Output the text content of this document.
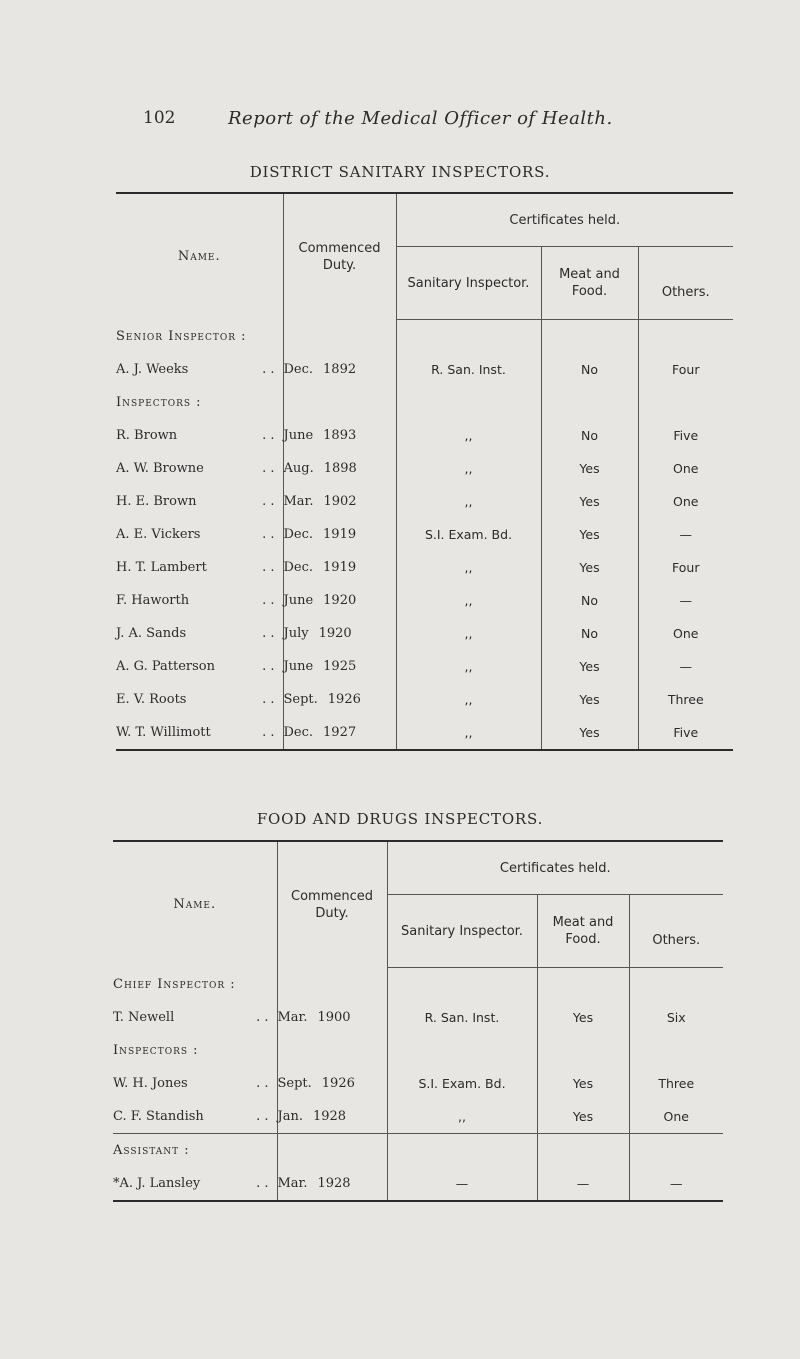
102	Report of the Medical Officer of Health.
DISTRICT SANITARY INSPECTORS.
Name.	Commenced Duty.	Certificates held.		
		Sanitary Inspector.	Meat and Food.	Others.
Senior Inspector :				

. .
A. J. Weeks	Dec. 1892	R. San. Inst.	No	Four
Inspectors :				

. .
R. Brown	June 1893	,,	No	Five

. .
A. W. Browne	Aug. 1898	,,	Yes	One

. .
H. E. Brown	Mar. 1902	,,	Yes	One

. .
A. E. Vickers	Dec. 1919	S.I. Exam. Bd.	Yes	—

. .
H. T. Lambert	Dec. 1919	,,	Yes	Four

. .
F. Haworth	June 1920	,,	No	—

. .
J. A. Sands	July 1920	,,	No	One

. .
A. G. Patterson	June 1925	,,	Yes	—

. .
E. V. Roots	Sept. 1926	,,	Yes	Three

. .
W. T. Willimott	Dec. 1927	,,	Yes	Five
FOOD AND DRUGS INSPECTORS.
Name.	Commenced Duty.	Certificates held.		
		Sanitary Inspector.	Meat and Food.	Others.
Chief Inspector :				

. .
T. Newell	Mar. 1900	R. San. Inst.	Yes	Six
Inspectors :				

. .
W. H. Jones	Sept. 1926	S.I. Exam. Bd.	Yes	Three

. .
C. F. Standish	Jan. 1928	,,	Yes	One
Assistant :				

. .
*A. J. Lansley	Mar. 1928	—	—	—
